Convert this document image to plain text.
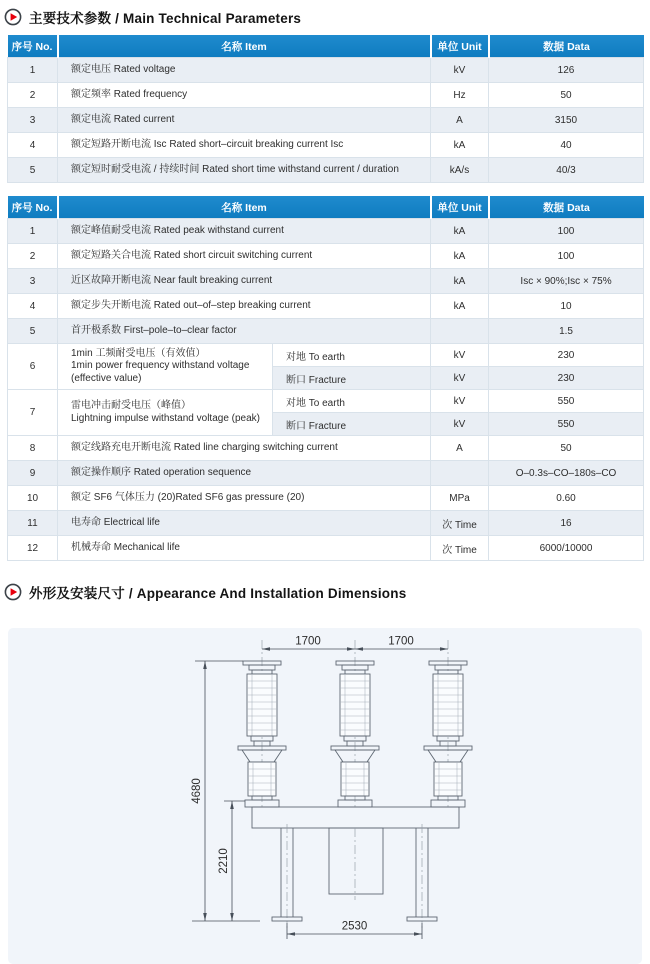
主要技术参数 / Main Technical Parameters
序号 No.	名称 Item	单位 Unit	数据 Data
1	额定电压 Rated voltage	kV	126
2	额定频率 Rated frequency	Hz	50
3	额定电流 Rated current	A	3150
4	额定短路开断电流 Isc Rated short–circuit breaking current Isc	kA	40
5	额定短时耐受电流 / 持续时间 Rated short time withstand current / duration	kA/s	40/3
序号 No.	名称 Item		单位 Unit	数据 Data
1	额定峰值耐受电流 Rated peak withstand current		kA	100
2	额定短路关合电流 Rated short circuit switching current		kA	100
3	近区故障开断电流 Near fault breaking current		kA	Isc × 90%;Isc × 75%
4	额定步失开断电流 Rated out–of–step breaking current		kA	10
5	首开极系数 First–pole–to–clear factor			1.5
6	1min 工频耐受电压（有效值）
1min power frequency withstand voltage (effective value)	对地 To earth	kV	230
		断口 Fracture	kV	230
7	雷电冲击耐受电压（峰值）
Lightning impulse withstand voltage (peak)	对地 To earth	kV	550
		断口 Fracture	kV	550
8	额定线路充电开断电流 Rated line charging switching current		A	50
9	额定操作顺序 Rated operation sequence			O–0.3s–CO–180s–CO
10	额定 SF6 气体压力 (20)Rated SF6 gas pressure (20)		MPa	0.60
11	电寿命 Electrical life		次 Time	16
12	机械寿命 Mechanical life		次 Time	6000/10000
外形及安装尺寸 / Appearance And Installation Dimensions
1700	1700
4680
2210
2530
